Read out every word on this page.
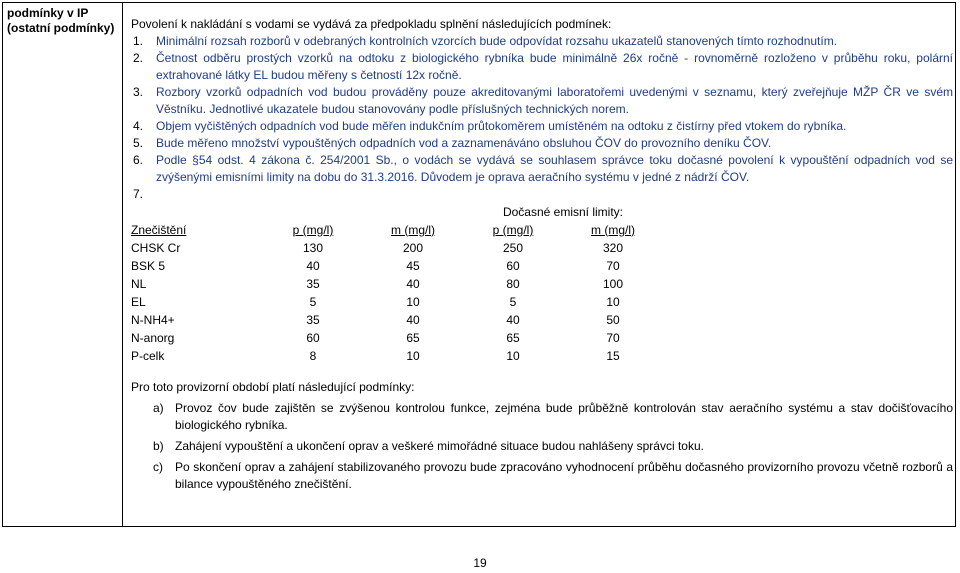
podmínky v IP (ostatní podmínky)	Povolení k nakládání s vodami se vydává za předpokladu splnění následujících podmínek:

1. Minimální rozsah rozborů v odebraných kontrolních vzorcích bude odpovídat rozsahu ukazatelů stanovených tímto rozhodnutím.
2. Četnost odběru prostých vzorků na odtoku z biologického rybníka bude minimálně 26x ročně - rovnoměrně rozloženo v průběhu roku, polární extrahované látky EL budou měřeny s četností 12x ročně.
3. Rozbory vzorků odpadních vod budou prováděny pouze akreditovanými laboratořemi uvedenými v seznamu, který zveřejňuje MŽP ČR ve svém Věstníku. Jednotlivé ukazatele budou stanovovány podle příslušných technických norem.
4. Objem vyčištěných odpadních vod bude měřen indukčním průtokoměrem umístěném na odtoku z čistírny před vtokem do rybníka.
5. Bude měřeno množství vypouštěných odpadních vod a zaznamenáváno obsluhou ČOV do provozního deníku ČOV.
6. Podle §54 odst. 4 zákona č. 254/2001 Sb., o vodách se vydává se souhlasem správce toku dočasné povolení k vypouštění odpadních vod se zvýšenými emisními limity na dobu do 31.3.2016. Důvodem je oprava aeračního systému v jedné z nádrží ČOV.
7.

			Dočasné emisní limity:	
Znečištění	p (mg/l)	m (mg/l)	p (mg/l)	m (mg/l)
CHSK Cr	130	200	250	320
BSK 5	40	45	60	70
NL	35	40	80	100
EL	5	10	5	10
N-NH4+	35	40	40	50
N-anorg	60	65	65	70
P-celk	8	10	10	15

Pro toto provizorní období platí následující podmínky:

a) Provoz čov bude zajištěn se zvýšenou kontrolou funkce, zejména bude průběžně kontrolován stav aeračního systému a stav dočišťovacího biologického rybníka.
b) Zahájení vypouštění a ukončení oprav a veškeré mimořádné situace budou nahlášeny správci toku.
c) Po skončení oprav a zahájení stabilizovaného provozu bude zpracováno vyhodnocení průběhu dočasného provizorního provozu včetně rozborů a bilance vypouštěného znečištění.
19
